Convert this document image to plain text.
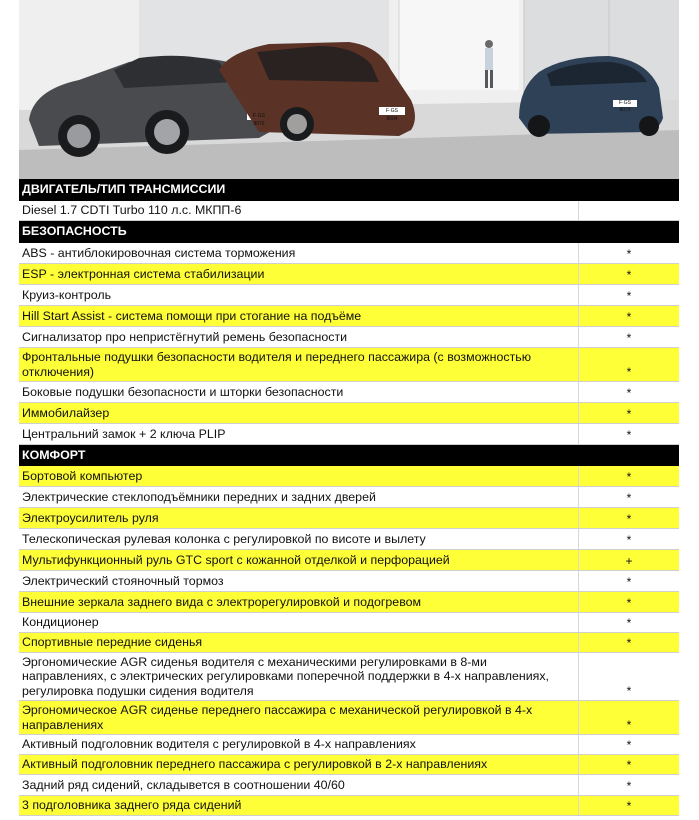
F·GS 8072
F·GS 8004
F·GS 8073
ДВИГАТЕЛЬ/ТИП ТРАНСМИССИИ
Diesel 1.7 CDTI Turbo 110 л.с. МКПП-6
БЕЗОПАСНОСТЬ
ABS - антиблокировочная система торможения	*
ESP - электронная система стабилизации	*
Круиз-контроль	*
Hill Start Assist - система помощи при стогание на подъёме	*
Сигнализатор про непристёгнутий ремень безопасности	*
Фронтальные подушки безопасности водителя и переднего пассажира (с возможностью отключения)	*
Боковые подушки безопасности и шторки безопасности	*
Иммобилайзер	*
Центральний замок + 2 ключа PLIP	*
КОМФОРТ
Бортовой компьютер	*
Электрические стеклоподъёмники передних и задних дверей	*
Электроусилитель руля	*
Телескопическая рулевая колонка с регулировкой по висоте и вылету	*
Мультифункционный руль GTC sport с кожанной отделкой и перфорацией	+
Электрический стояночный тормоз	*
Внешние зеркала заднего вида с электрорегулировкой и подогревом	*
Кондиционер	*
Спортивные передние сиденья	*
Эргономические AGR сиденья водителя с механическими регулировками в 8-ми направлениях, с электрических регулировками поперечной поддержки в 4-х направлениях, регулировка подушки сидения водителя	*
Эргономическое AGR сиденье переднего пассажира с механической регулировкой в 4-х направлениях	*
Активный подголовник водителя с регулировкой в 4-х направлениях	*
Активный подголовник переднего пассажира с регулировкой в 2-х направлениях	*
Задний ряд сидений, складывется в соотношении 40/60	*
3 подголовника заднего ряда сидений	*
